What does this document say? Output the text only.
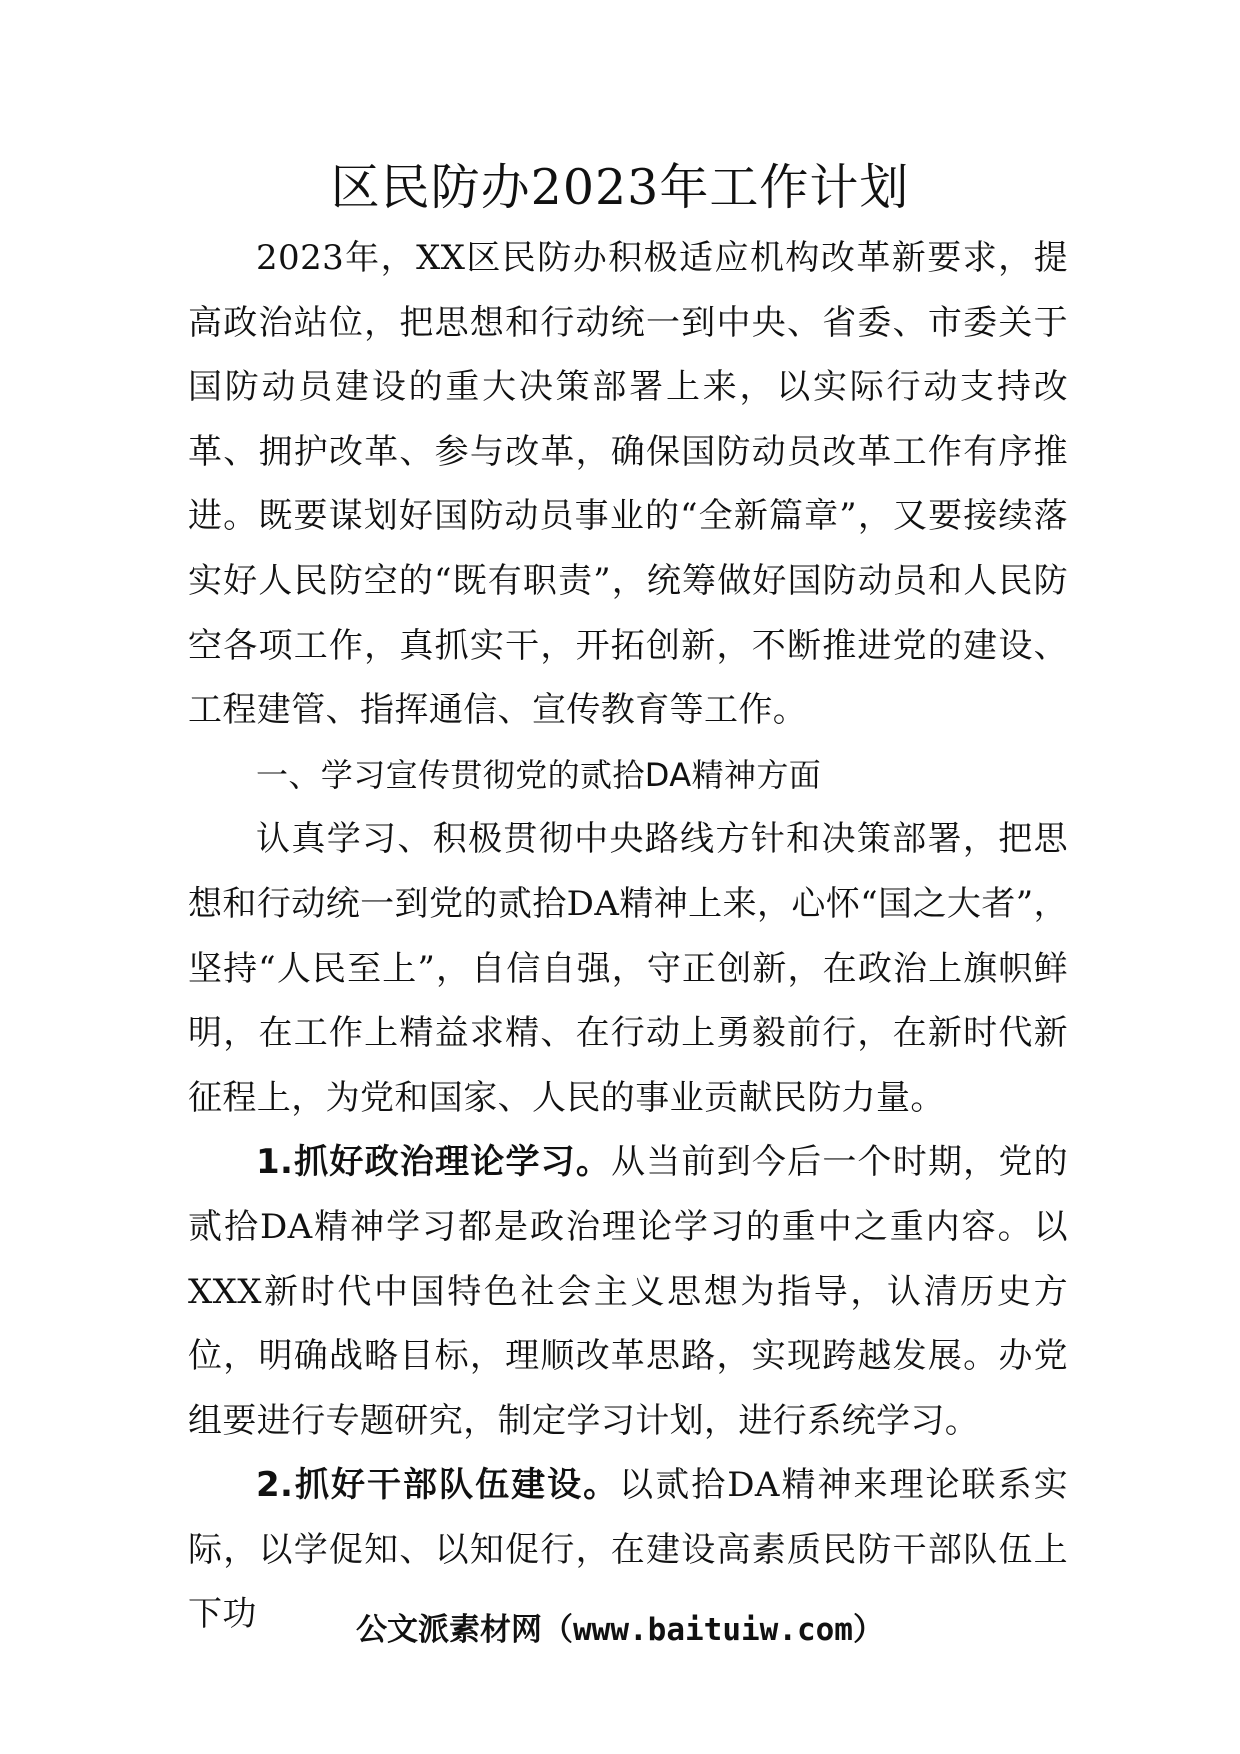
区民防办2023年工作计划

2023年，XX区民防办积极适应机构改革新要求，提高政治站位，把思想和行动统一到中央、省委、市委关于国防动员建设的重大决策部署上来，以实际行动支持改革、拥护改革、参与改革，确保国防动员改革工作有序推进。既要谋划好国防动员事业的“全新篇章”，又要接续落实好人民防空的“既有职责”，统筹做好国防动员和人民防空各项工作，真抓实干，开拓创新，不断推进党的建设、工程建管、指挥通信、宣传教育等工作。

一、学习宣传贯彻党的贰拾DA精神方面

认真学习、积极贯彻中央路线方针和决策部署，把思想和行动统一到党的贰拾DA精神上来，心怀“国之大者”，坚持“人民至上”，自信自强，守正创新，在政治上旗帜鲜明，在工作上精益求精、在行动上勇毅前行，在新时代新征程上，为党和国家、人民的事业贡献民防力量。

1.抓好政治理论学习。从当前到今后一个时期，党的贰拾DA精神学习都是政治理论学习的重中之重内容。以XXX新时代中国特色社会主义思想为指导，认清历史方位，明确战略目标，理顺改革思路，实现跨越发展。办党组要进行专题研究，制定学习计划，进行系统学习。

2.抓好干部队伍建设。以贰拾DA精神来理论联系实际，以学促知、以知促行，在建设高素质民防干部队伍上下功	公文派素材网（www.baituiw.com）
